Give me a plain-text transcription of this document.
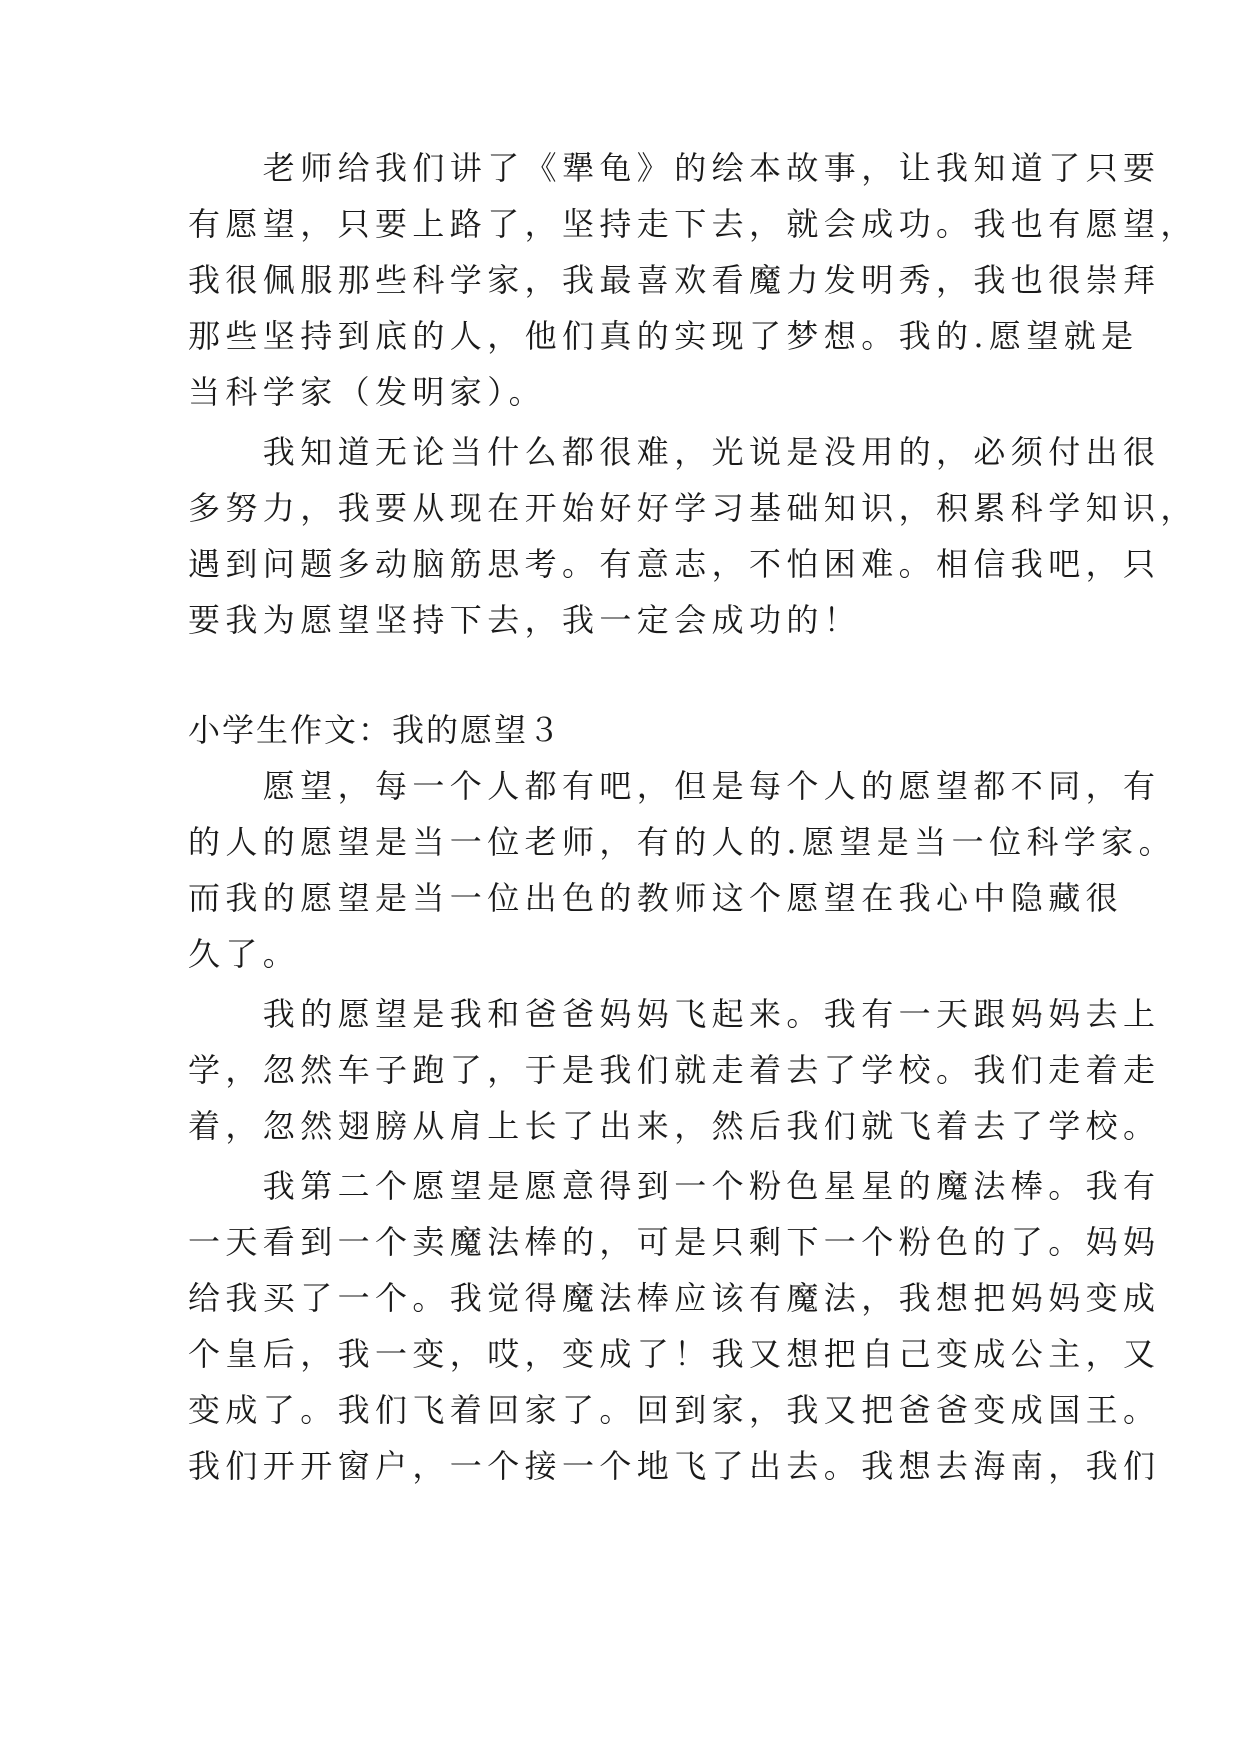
　　老师给我们讲了《犟龟》的绘本故事，让我知道了只要
有愿望，只要上路了，坚持走下去，就会成功。我也有愿望，
我很佩服那些科学家，我最喜欢看魔力发明秀，我也很崇拜
那些坚持到底的人，他们真的实现了梦想。我的.愿望就是
当科学家（发明家）。
　　我知道无论当什么都很难，光说是没用的，必须付出很
多努力，我要从现在开始好好学习基础知识，积累科学知识，
遇到问题多动脑筋思考。有意志，不怕困难。相信我吧，只
要我为愿望坚持下去，我一定会成功的！
小学生作文：我的愿望３
　　愿望，每一个人都有吧，但是每个人的愿望都不同，有
的人的愿望是当一位老师，有的人的.愿望是当一位科学家。
而我的愿望是当一位出色的教师这个愿望在我心中隐藏很
久了。
　　我的愿望是我和爸爸妈妈飞起来。我有一天跟妈妈去上
学，忽然车子跑了，于是我们就走着去了学校。我们走着走
着，忽然翅膀从肩上长了出来，然后我们就飞着去了学校。
　　我第二个愿望是愿意得到一个粉色星星的魔法棒。我有
一天看到一个卖魔法棒的，可是只剩下一个粉色的了。妈妈
给我买了一个。我觉得魔法棒应该有魔法，我想把妈妈变成
个皇后，我一变，哎，变成了！我又想把自己变成公主，又
变成了。我们飞着回家了。回到家，我又把爸爸变成国王。
我们开开窗户，一个接一个地飞了出去。我想去海南，我们
